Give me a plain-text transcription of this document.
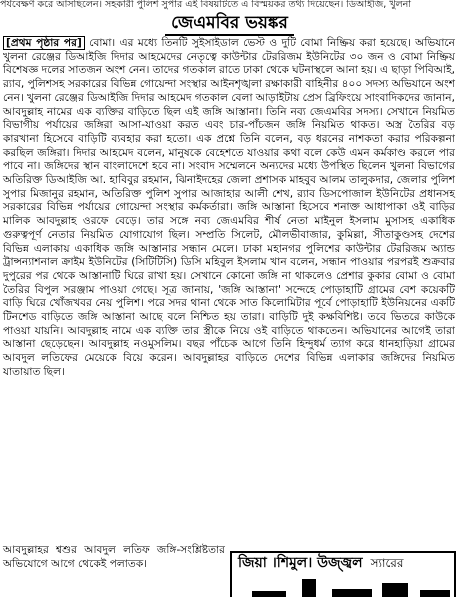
পর্যবেক্ষণ করে আসছিলেন। সহকারী পুলিশ সুপার এই বিষয়টিতে এ বিস্ময়কর তথ্য দিয়েছেন। ডিআইজি, খুলনা
জেএমবির ভয়ঙ্কর
[প্রথম পৃষ্ঠার পর] বোমা। এর মধ্যে তিনটি সুইসাইডাল ভেস্ট ও দুটি বোমা নিষ্ক্রিয় করা হয়েছে। অভিযানে খুলনা রেঞ্জের ডিআইজি দিদার আহমেদের নেতৃত্বে কাউন্টার টেররিজম ইউনিটের ৩০ জন ও বোমা নিষ্ক্রিয় বিশেষজ্ঞ দলের সাতজন অংশ নেন। তাদের গতকাল রাতে ঢাকা থেকে ঘটনাস্থলে আনা হয়। এ ছাড়া পিবিআই, র‌্যাব, পুলিশসহ সরকারের বিভিন্ন গোয়েন্দা সংস্থার আইনশৃঙ্খলা রক্ষাকারী বাহিনীর ৪০০ সদস্য অভিযানে অংশ নেন। খুলনা রেঞ্জের ডিআইজি দিদার আহমেদ গতকাল বেলা আড়াইটায় প্রেস ব্রিফিংয়ে সাংবাদিকদের জানান, আবদুল্লাহ নামের এক ব্যক্তির বাড়িতে ছিল এই জঙ্গি আস্তানা। তিনি নব্য জেএমবির সদস্য। সেখানে নিয়মিত বিভাগীয় পর্যায়ের জঙ্গিরা আসা-যাওয়া করত এবং চার-পাঁচজন জঙ্গি নিয়মিত থাকত। অস্ত্র তৈরির বড় কারখানা হিসেবে বাড়িটি ব্যবহার করা হতো। এক প্রশ্নে তিনি বলেন, বড় ধরনের নাশকতা করার পরিকল্পনা করছিল জঙ্গিরা। দিদার আহমেদ বলেন, মানুষকে বেহেশতে যাওয়ার কথা বলে কেউ এমন কর্মকাণ্ড করলে পার পাবে না। জঙ্গিদের স্থান বাংলাদেশে হবে না। সংবাদ সম্মেলনে অন্যদের মধ্যে উপস্থিত ছিলেন খুলনা বিভাগের অতিরিক্ত ডিআইজি আ. হাবিবুর রহমান, ঝিনাইদহের জেলা প্রশাসক মাহবুব আলম তালুকদার, জেলার পুলিশ সুপার মিজানুর রহমান, অতিরিক্ত পুলিশ সুপার আজাহার আলী শেখ, র‌্যাব ডিসপোজাল ইউনিটের প্রধানসহ সরকারের বিভিন্ন পর্যায়ের গোয়েন্দা সংস্থার কর্মকর্তারা। জঙ্গি আস্তানা হিসেবে শনাক্ত আধাপাকা ওই বাড়ির মালিক আবদুল্লাহ ওরফে বেড়ে। তার সঙ্গে নব্য জেএমবির শীর্ষ নেতা মাইনুল ইসলাম মুসাসহ একাধিক গুরুত্বপূর্ণ নেতার নিয়মিত যোগাযোগ ছিল। সম্প্রতি সিলেট, মৌলভীবাজার, কুমিল্লা, সীতাকুণ্ডসহ দেশের বিভিন্ন এলাকায় একাধিক জঙ্গি আস্তানার সন্ধান মেলে। ঢাকা মহানগর পুলিশের কাউন্টার টেররিজম অ্যান্ড ট্রান্সন্যাশনাল ক্রাইম ইউনিটের (সিটিটিসি) ডিসি মহিবুল ইসলাম খান বলেন, সন্ধান পাওয়ার পরপরই শুক্রবার দুপুরের পর থেকে আস্তানাটি ঘিরে রাখা হয়। সেখানে কোনো জঙ্গি না থাকলেও প্রেশার কুকার বোমা ও বোমা তৈরির বিপুল সরঞ্জাম পাওয়া গেছে। সূত্র জানায়, 'জঙ্গি আস্তানা' সন্দেহে পোড়াহাটি গ্রামের বেশ কয়েকটি বাড়ি ঘিরে খোঁজখবর নেয় পুলিশ। পরে সদর থানা থেকে সাত কিলোমিটার পূর্বে পোড়াহাটি ইউনিয়নের একটি টিনশেড বাড়িতে জঙ্গি আস্তানা আছে বলে নিশ্চিত হয় তারা। বাড়িটি দুই কক্ষবিশিষ্ট। তবে ভিতরে কাউকে পাওয়া যায়নি। আবদুল্লাহ নামে এক ব্যক্তি তার স্ত্রীকে নিয়ে ওই বাড়িতে থাকতেন। অভিযানের আগেই তারা আস্তানা ছেড়েছেন। আবদুল্লাহ নওমুসলিম। বছর পাঁচেক আগে তিনি হিন্দুধর্ম ত্যাগ করে ধানহাড়িয়া গ্রামের আবদুল লতিফের মেয়েকে বিয়ে করেন। আবদুল্লাহর বাড়িতে দেশের বিভিন্ন এলাকার জঙ্গিদের নিয়মিত যাতায়াত ছিল।
আবদুল্লাহর শ্বশুর আবদুল লতিফ জঙ্গি-সংশ্লিষ্টতার অভিযোগে আগে থেকেই পলাতক।	জিয়া ।শিমুল। উজ্জ্বল স্যারের
